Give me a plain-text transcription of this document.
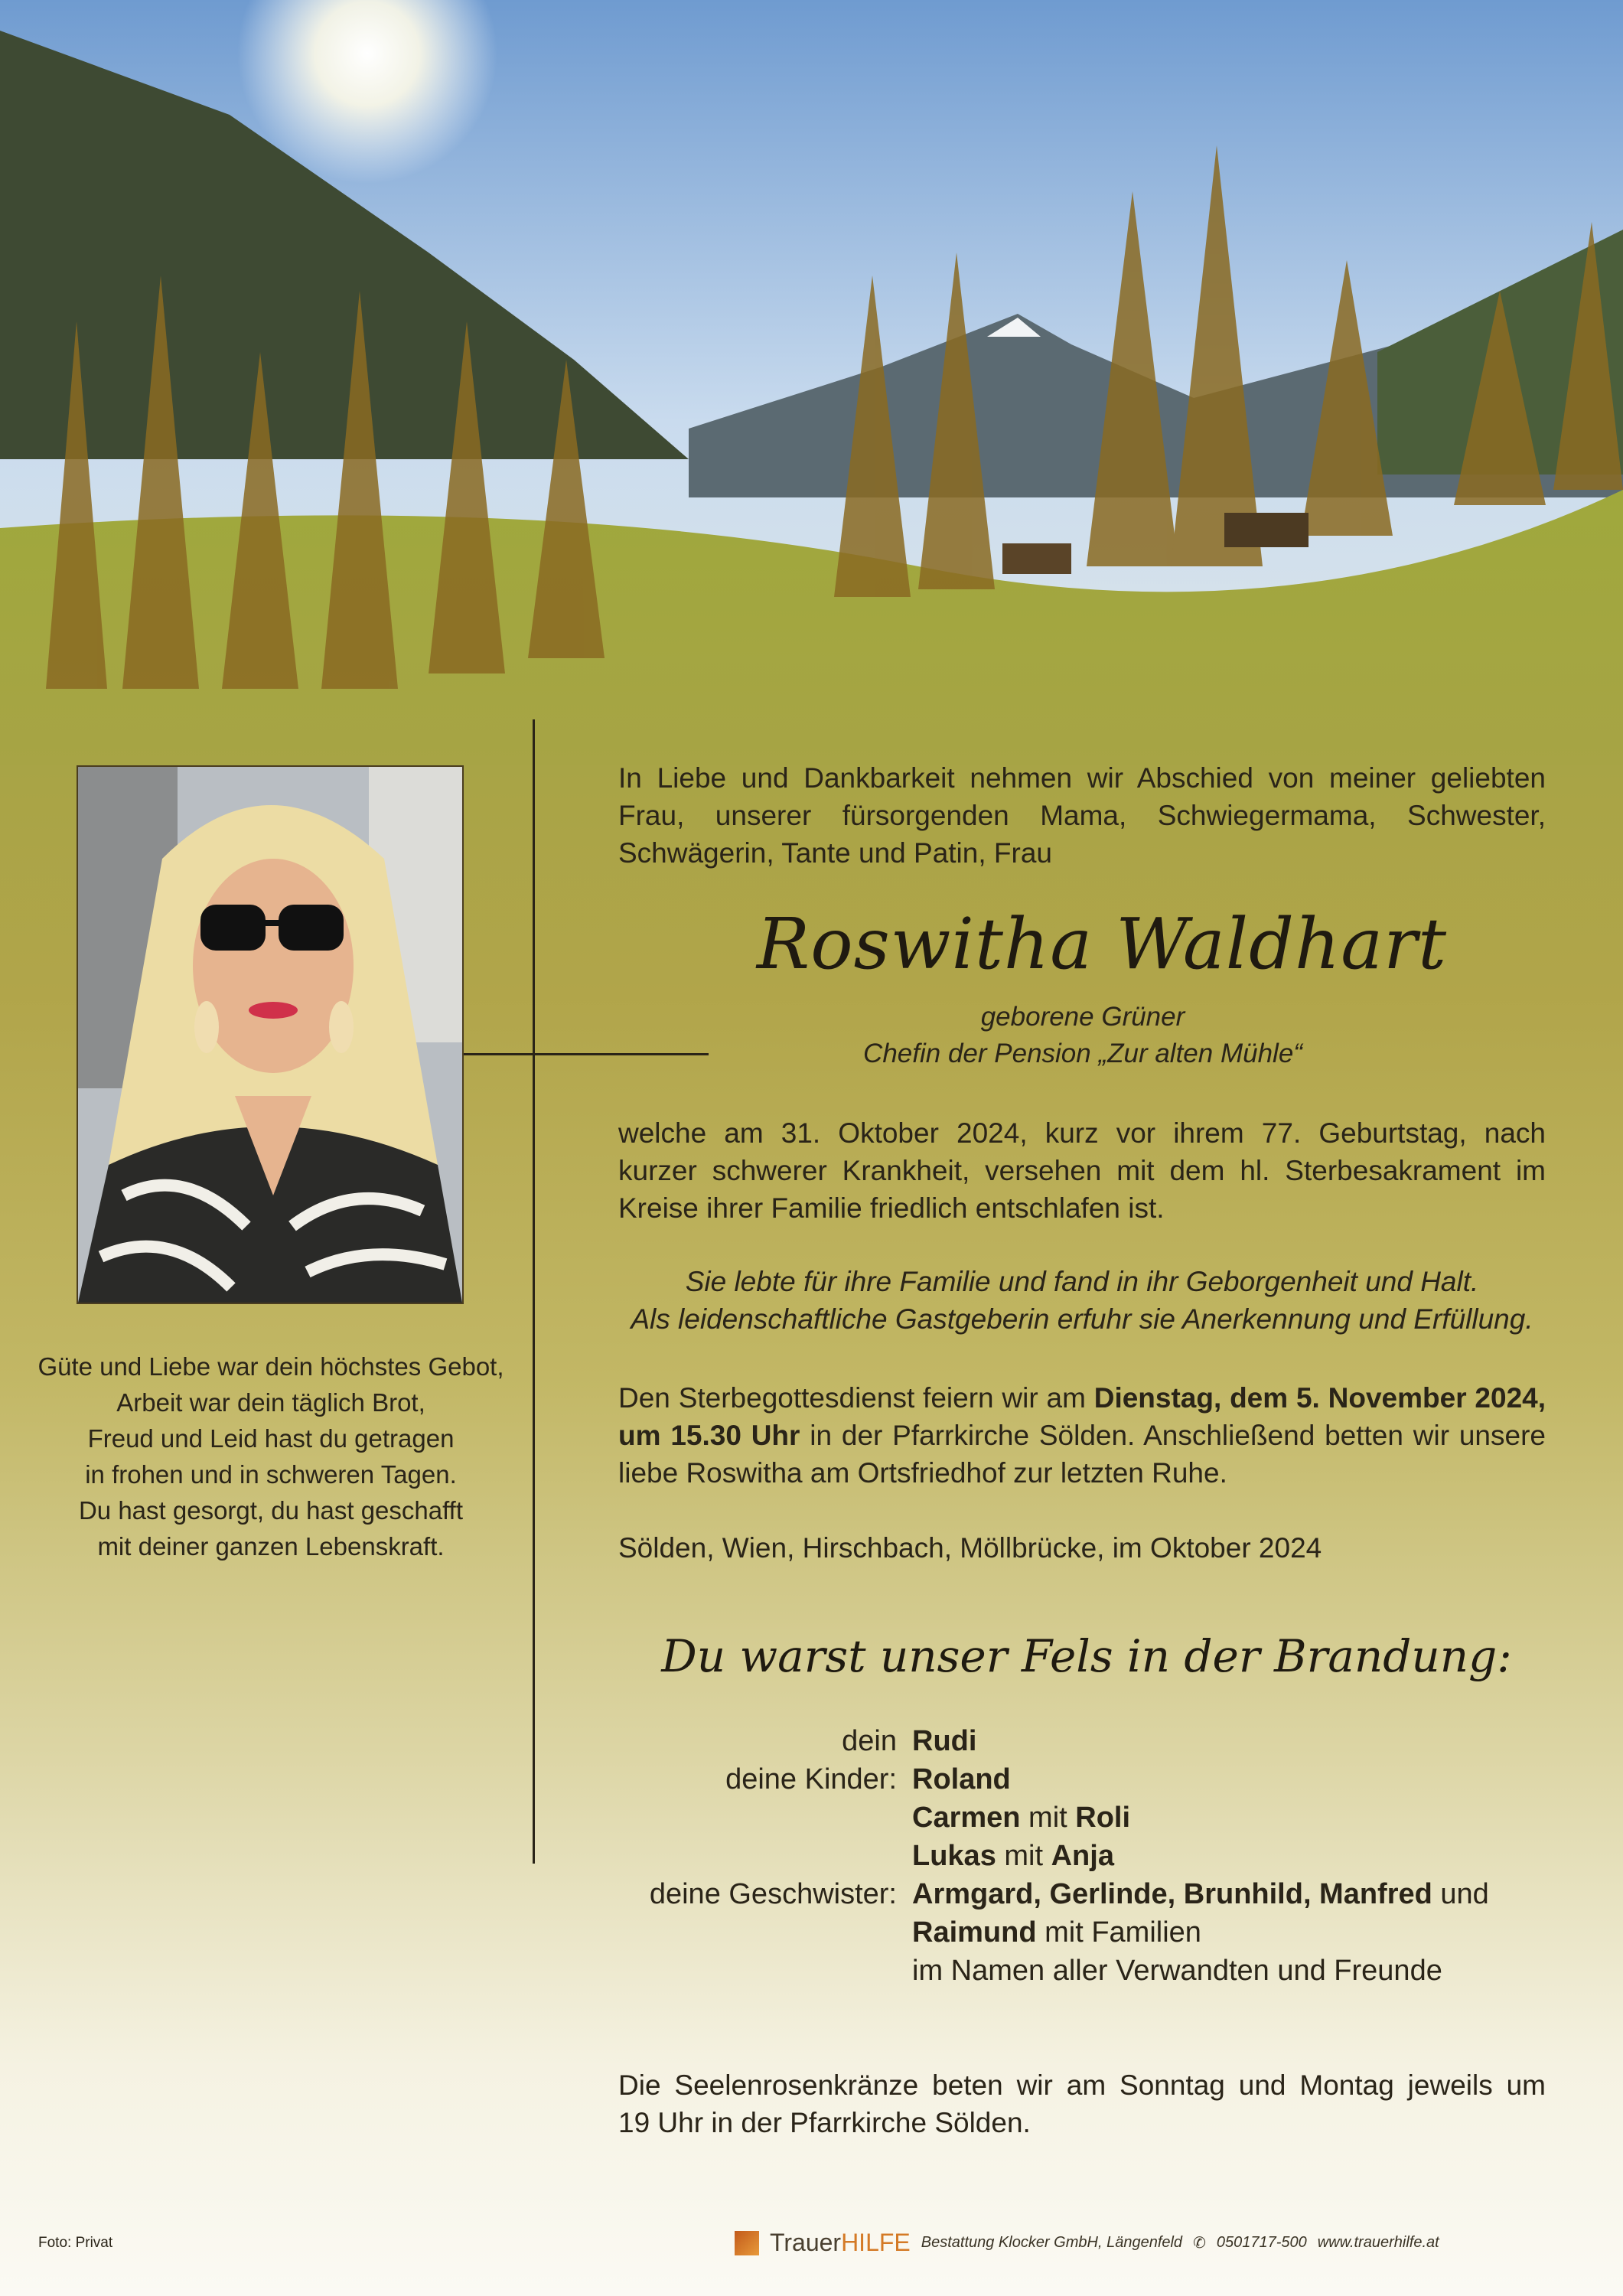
Güte und Liebe war dein höchstes Gebot,
Arbeit war dein täglich Brot,
Freud und Leid hast du getragen
in frohen und in schweren Tagen.
Du hast gesorgt, du hast geschafft
mit deiner ganzen Lebenskraft.
In Liebe und Dankbarkeit nehmen wir Abschied von meiner geliebten
Frau, unserer fürsorgenden Mama, Schwiegermama, Schwester,
Schwägerin, Tante und Patin, Frau
Roswitha Waldhart
geborene Grüner
Chefin der Pension „Zur alten Mühle“
welche am 31. Oktober 2024, kurz vor ihrem 77. Geburtstag, nach
kurzer schwerer Krankheit, versehen mit dem hl. Sterbesakrament im
Kreise ihrer Familie friedlich entschlafen ist.
Sie lebte für ihre Familie und fand in ihr Geborgenheit und Halt.
Als leidenschaftliche Gastgeberin erfuhr sie Anerkennung und Erfüllung.
Den Sterbegottesdienst feiern wir am Dienstag, dem 5. November 2024,
um 15.30 Uhr in der Pfarrkirche Sölden. Anschließend betten wir unsere
liebe Roswitha am Ortsfriedhof zur letzten Ruhe.
Sölden, Wien, Hirschbach, Möllbrücke, im Oktober 2024
Du warst unser Fels in der Brandung:
dein Rudi
deine Kinder: Roland
Carmen mit Roli
Lukas mit Anja
deine Geschwister: Armgard, Gerlinde, Brunhild, Manfred und
Raimund mit Familien
im Namen aller Verwandten und Freunde
Die Seelenrosenkränze beten wir am Sonntag und Montag jeweils um
19 Uhr in der Pfarrkirche Sölden.
Foto: Privat	TrauerHILFE Bestattung Klocker GmbH, Längenfeld ✆ 0501717-500 www.trauerhilfe.at
